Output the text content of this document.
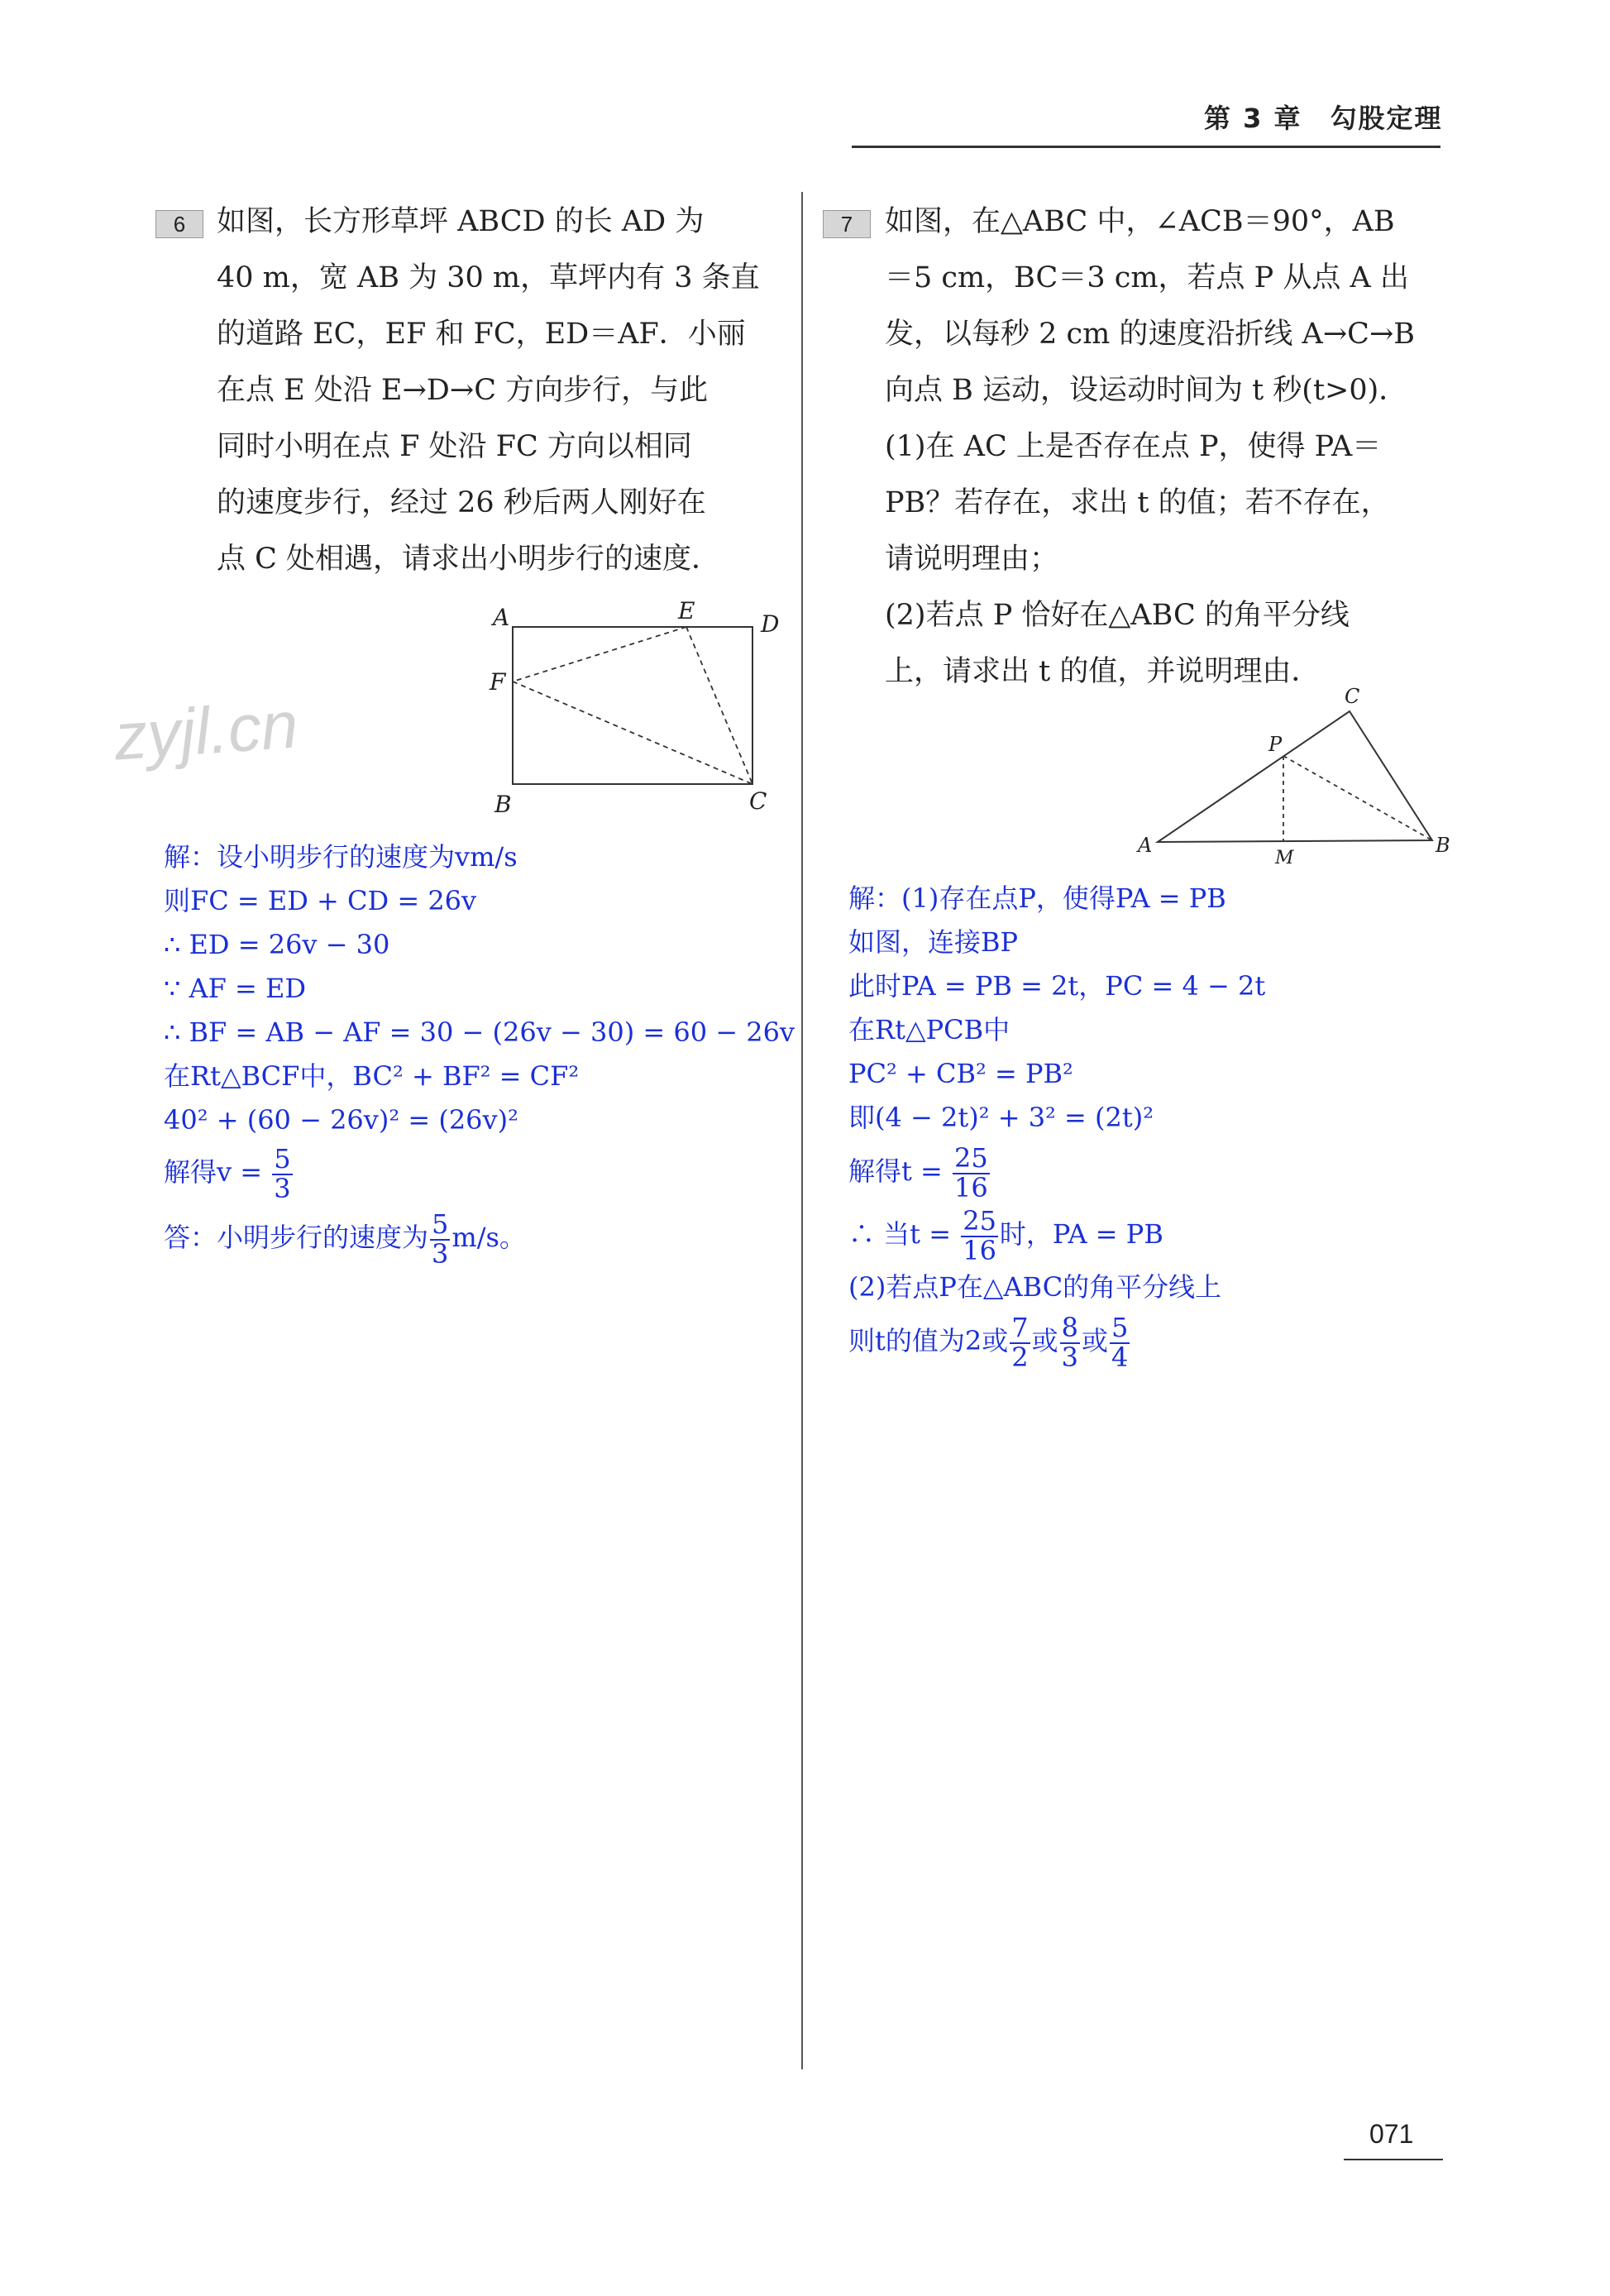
第 3 章　勾股定理
6	如图，长方形草坪 ABCD 的长 AD 为

40 m，宽 AB 为 30 m，草坪内有 3 条直

的道路 EC，EF 和 FC，ED＝AF．小丽

在点 E 处沿 E→D→C 方向步行，与此

同时小明在点 F 处沿 FC 方向以相同

的速度步行，经过 26 秒后两人刚好在

点 C 处相遇，请求出小明步行的速度．

A	D
E
F
B	C
zyjl.cn

解：设小明步行的速度为vm/s

则FC = ED + CD = 26v

∴ ED = 26v − 30

∵ AF = ED

∴ BF = AB − AF = 30 − (26v − 30) = 60 − 26v

在Rt△BCF中，BC² + BF² = CF²

40² + (60 − 26v)² = (26v)²

解得$v = \frac{5}{3}$

答：小明步行的速度为 $\frac{5}{3} m/s$。

7	如图，在△ABC 中，∠ACB＝90°，AB

＝5 cm，BC＝3 cm，若点 P 从点 A 出

发，以每秒 2 cm 的速度沿折线 A→C→B

向点 B 运动，设运动时间为 t 秒(t>0)．

(1)在 AC 上是否存在点 P，使得 PA＝

PB？若存在，求出 t 的值；若不存在，

请说明理由；

(2)若点 P 恰好在△ABC 的角平分线

上，请求出 t 的值，并说明理由．

A	B
C
P
M

解：(1)存在点P，使得PA = PB

如图，连接BP

此时PA = PB = 2t，PC = 4 − 2t

在Rt△PCB中

PC² + CB² = PB²

即(4 − 2t)² + 3² = (2t)²

解得$t = \frac{25}{16}$

∴ 当$t = \frac{25}{16}$ 时，PA = PB

(2)若点P在△ABC的角平分线上

则t的值为2或 $\frac{7}{2}$ 或 $\frac{8}{3}$ 或 $\frac{5}{4}$

071
